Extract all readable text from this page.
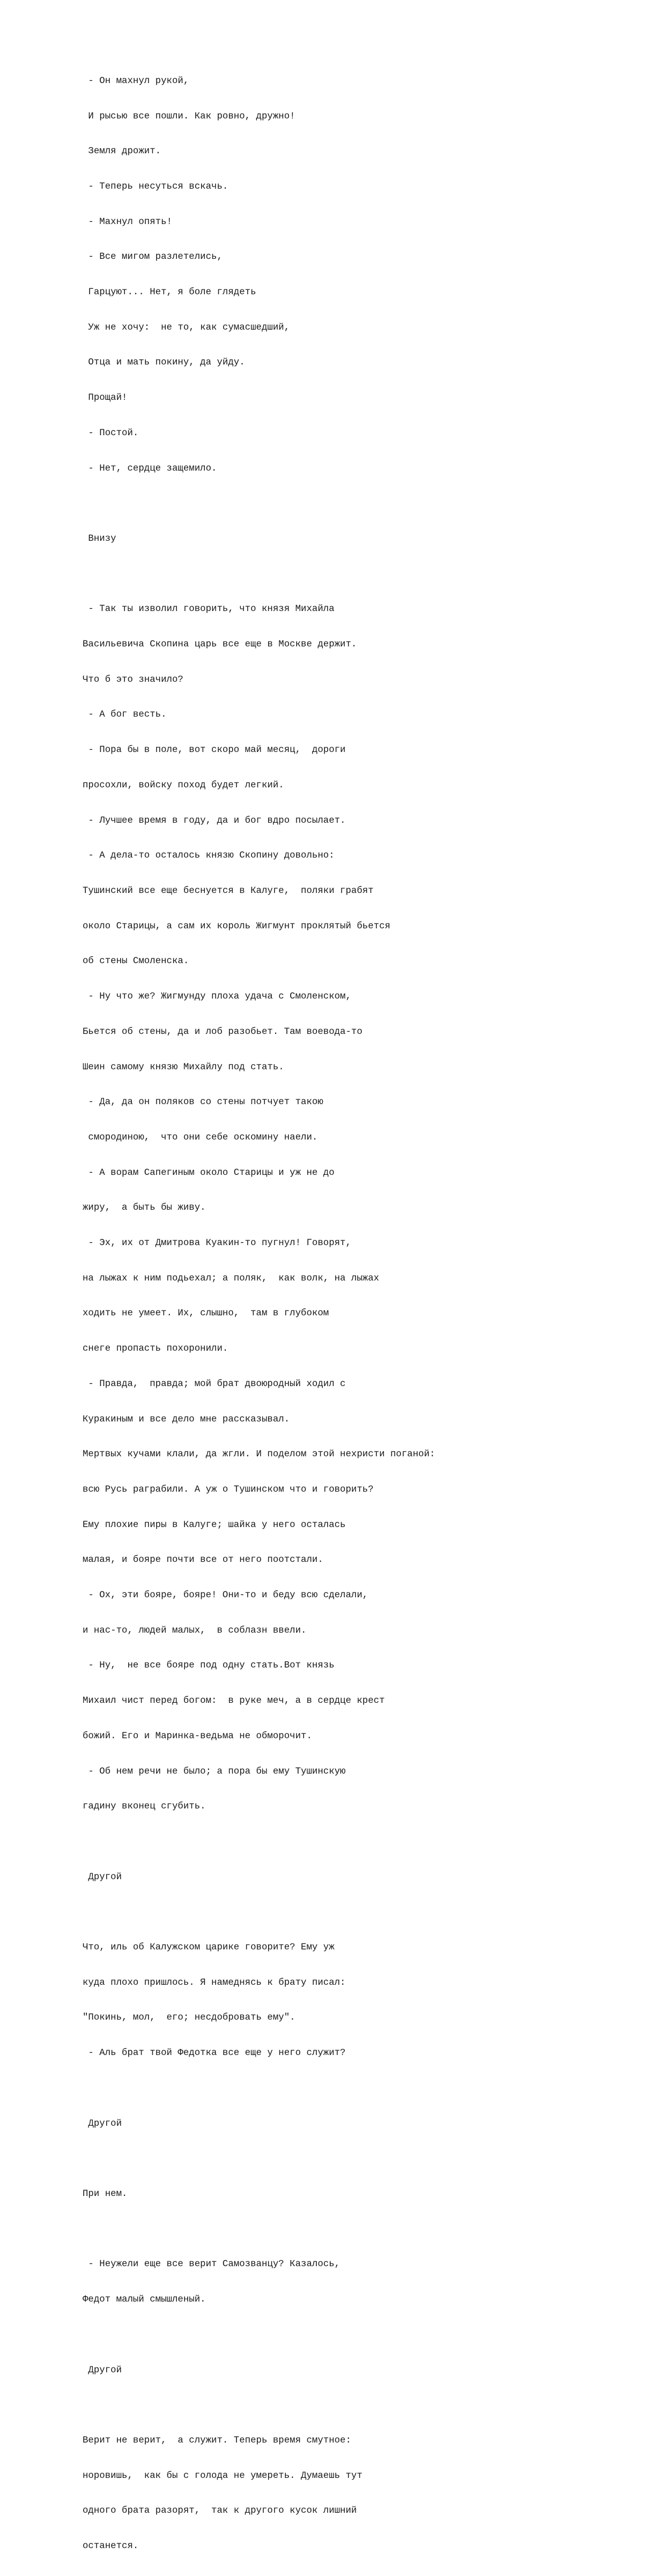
- Он махнул рукой,

И рысью все пошли. Как ровно, дружно!

Земля дрожит.

- Теперь несуться вскачь.

- Махнул опять!

- Все мигом разлетелись,

Гарцуют... Нет, я боле глядеть

Уж не хочу:  не то, как сумасшедший,

Отца и мать покину, да уйду.

Прощай!

- Постой.

- Нет, сердце защемило.

Внизу

- Так ты изволил говорить, что князя Михайла

Васильевича Скопина царь все еще в Москве держит.

Что б это значило?

- А бог весть.

- Пора бы в поле, вот скоро май месяц,  дороги

просохли, войску поход будет легкий.

- Лучшее время в году, да и бог вдро посылает.

- А дела-то осталось князю Скопину довольно:

Тушинский все еще беснуется в Калуге,  поляки грабят

около Старицы, а сам их король Жигмунт проклятый бьется

об стены Смоленска.

- Ну что же? Жигмунду плоха удача с Смоленском,

Бьется об стены, да и лоб разобьет. Там воевода-то

Шеин самому князю Михайлу под стать.

- Да, да он поляков со стены потчует такою

смородиною,  что они себе оскомину наели.

- А ворам Сапегиным около Старицы и уж не до

жиру,  а быть бы живу.

- Эх, их от Дмитрова Куакин-то пугнул! Говорят,

на лыжах к ним подьехал; а поляк,  как волк, на лыжах

ходить не умеет. Их, слышно,  там в глубоком

снеге пропасть похоронили.

- Правда,  правда; мой брат двоюродный ходил с

Куракиным и все дело мне рассказывал.

Мертвых кучами клали, да жгли. И поделом этой нехристи поганой:

всю Русь раграбили. А уж о Тушинском что и говорить?

Ему плохие пиры в Калуге; шайка у него осталась

малая, и бояре почти все от него поотстали.

- Ох, эти бояре, бояре! Они-то и беду всю сделали,

и нас-то, людей малых,  в соблазн ввели.

- Ну,  не все бояре под одну стать.Вот князь

Михаил чист перед богом:  в руке меч, а в сердце крест

божий. Его и Маринка-ведьма не обморочит.

- Об нем речи не было; а пора бы ему Тушинскую

гадину вконец сгубить.

Другой

Что, иль об Калужском царике говорите? Ему уж

куда плохо пришлось. Я намеднясь к брату писал:

"Покинь, мол,  его; несдобровать ему".

- Аль брат твой Федотка все еще у него служит?

Другой

При нем.

- Неужели еще все верит Самозванцу? Казалось,

Федот малый смышленый.

Другой

Верит не верит,  а служит. Теперь время смутное:

норовишь,  как бы с голода не умереть. Думаешь тут

одного брата разорят,  так к другого кусок лишний

останется.
